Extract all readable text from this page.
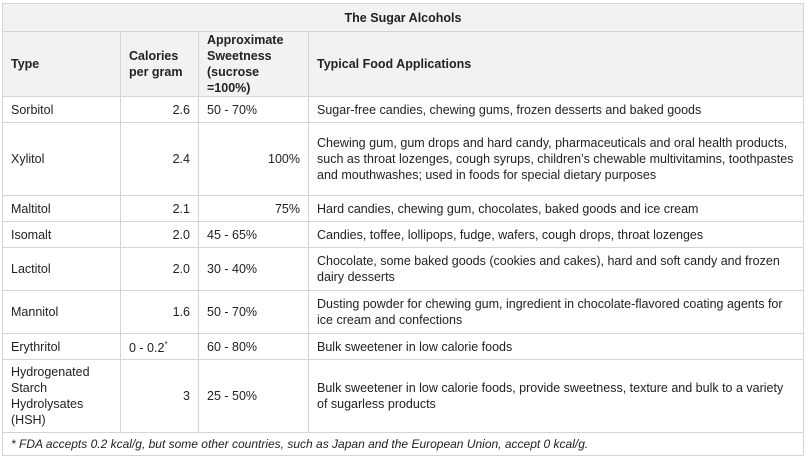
The Sugar Alcohols			
Type	Calories per gram	Approximate Sweetness (sucrose =100%)	Typical Food Applications
Sorbitol	2.6	50 - 70%	Sugar-free candies, chewing gums, frozen desserts and baked goods
Xylitol	2.4	100%	Chewing gum, gum drops and hard candy, pharmaceuticals and oral health products, such as throat lozenges, cough syrups, children’s chewable multivitamins, toothpastes and mouthwashes; used in foods for special dietary purposes
Maltitol	2.1	75%	Hard candies, chewing gum, chocolates, baked goods and ice cream
Isomalt	2.0	45 - 65%	Candies, toffee, lollipops, fudge, wafers, cough drops, throat lozenges
Lactitol	2.0	30 - 40%	Chocolate, some baked goods (cookies and cakes), hard and soft candy and frozen dairy desserts
Mannitol	1.6	50 - 70%	Dusting powder for chewing gum, ingredient in chocolate-flavored coating agents for ice cream and confections
Erythritol	0 - 0.2*	60 - 80%	Bulk sweetener in low calorie foods
Hydrogenated Starch Hydrolysates (HSH)	3	25 - 50%	Bulk sweetener in low calorie foods, provide sweetness, texture and bulk to a variety of sugarless products
* FDA accepts 0.2 kcal/g, but some other countries, such as Japan and the European Union, accept 0 kcal/g.			
